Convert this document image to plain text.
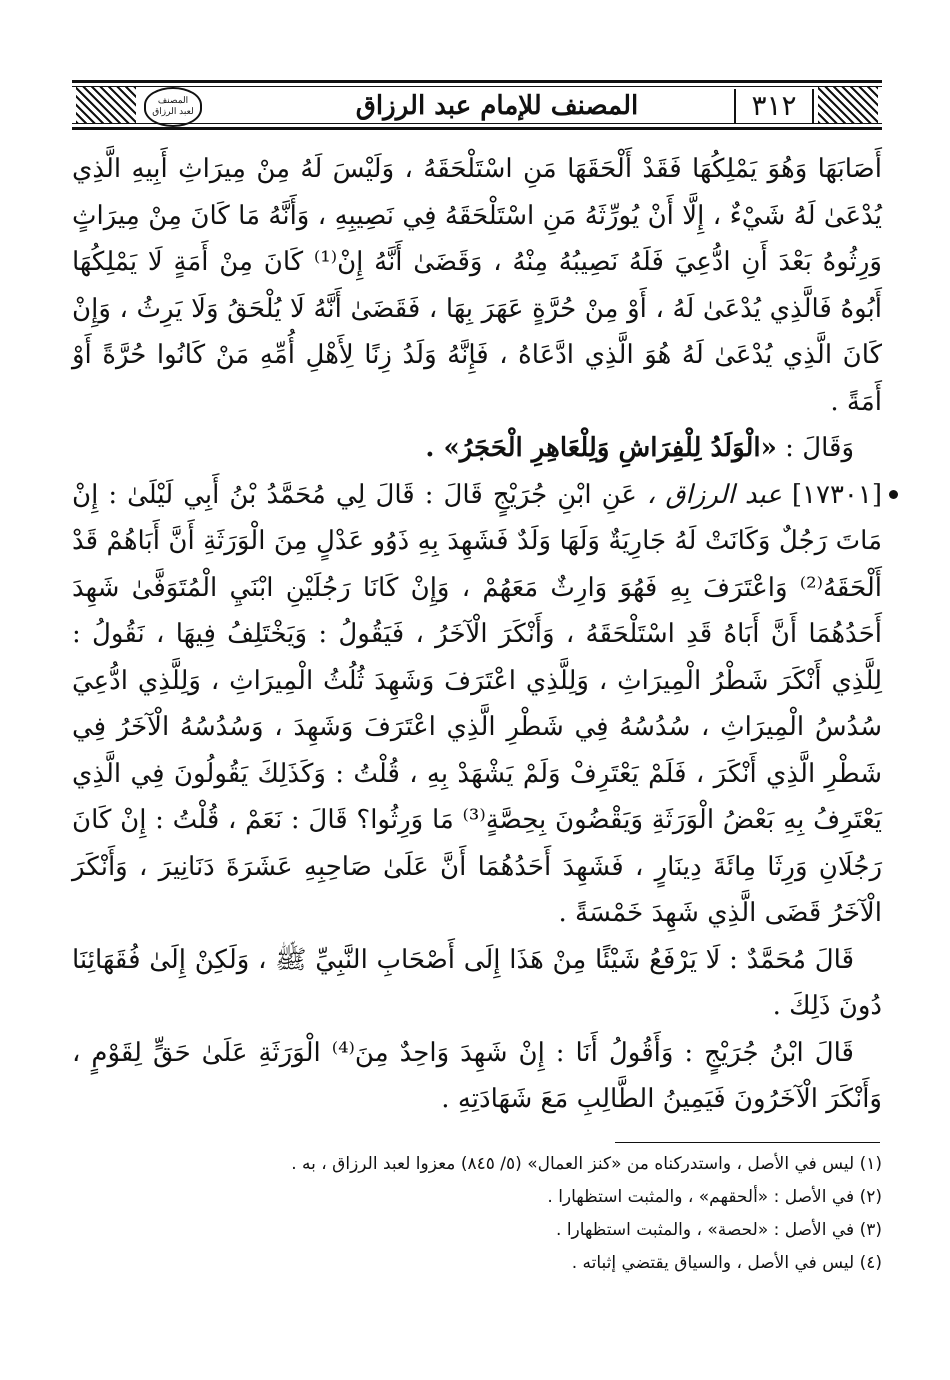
المصنف
لعبد الرزاق	المصنف للإمام عبد الرزاق	٣١٢

أَصَابَهَا وَهُوَ يَمْلِكُهَا فَقَدْ أَلْحَقَهَا مَنِ اسْتَلْحَقَهُ ، وَلَيْسَ لَهُ مِنْ مِيرَاثِ أَبِيهِ الَّذِي يُدْعَىٰ لَهُ شَيْءٌ ، إِلَّا أَنْ يُورِّثَهُ مَنِ اسْتَلْحَقَهُ فِي نَصِيبِهِ ، وَأَنَّهُ مَا كَانَ مِنْ مِيرَاثٍ وَرِثُوهُ بَعْدَ أَنِ ادُّعِيَ فَلَهُ نَصِيبُهُ مِنْهُ ، وَقَضَىٰ أَنَّهُ إِنْ⁽¹⁾ كَانَ مِنْ أَمَةٍ لَا يَمْلِكُهَا أَبُوهُ فَالَّذِي يُدْعَىٰ لَهُ ، أَوْ مِنْ حُرَّةٍ عَهَرَ بِهَا ، فَقَضَىٰ أَنَّهُ لَا يُلْحَقُ وَلَا يَرِثُ ، وَإِنْ كَانَ الَّذِي يُدْعَىٰ لَهُ هُوَ الَّذِي ادَّعَاهُ ، فَإِنَّهُ وَلَدُ زِنًا لِأَهْلِ أُمِّهِ مَنْ كَانُوا حُرَّةً أَوْ أَمَةً .

وَقَالَ : «الْوَلَدُ لِلْفِرَاشِ وَلِلْعَاهِرِ الْحَجَرُ» .

[١٧٣٠١] عبد الرزاق ، عَنِ ابْنِ جُرَيْجٍ قَالَ : قَالَ لِي مُحَمَّدُ بْنُ أَبِي لَيْلَىٰ : إِنْ مَاتَ رَجُلٌ وَكَانَتْ لَهُ جَارِيَةٌ وَلَهَا وَلَدٌ فَشَهِدَ بِهِ ذَوُو عَدْلٍ مِنَ الْوَرَثَةِ أَنَّ أَبَاهُمْ قَدْ أَلْحَقَهُ⁽²⁾ وَاعْتَرَفَ بِهِ فَهُوَ وَارِثٌ مَعَهُمْ ، وَإِنْ كَانَا رَجُلَيْنِ ابْنَيِ الْمُتَوَفَّىٰ شَهِدَ أَحَدُهُمَا أَنَّ أَبَاهُ قَدِ اسْتَلْحَقَهُ ، وَأَنْكَرَ الْآخَرُ ، فَيَقُولُ : وَيَخْتَلِفُ فِيهَا ، نَقُولُ : لِلَّذِي أَنْكَرَ شَطْرُ الْمِيرَاثِ ، وَلِلَّذِي اعْتَرَفَ وَشَهِدَ ثُلُثُ الْمِيرَاثِ ، وَلِلَّذِي ادُّعِيَ سُدُسُ الْمِيرَاثِ ، سُدُسُهُ فِي شَطْرِ الَّذِي اعْتَرَفَ وَشَهِدَ ، وَسُدُسُهُ الْآخَرُ فِي شَطْرِ الَّذِي أَنْكَرَ ، فَلَمْ يَعْتَرِفْ وَلَمْ يَشْهَدْ بِهِ ، قُلْتُ : وَكَذَلِكَ يَقُولُونَ فِي الَّذِي يَعْتَرِفُ بِهِ بَعْضُ الْوَرَثَةِ وَيَقْضُونَ بِحِصَّةٍ⁽³⁾ مَا وَرِثُوا؟ قَالَ : نَعَمْ ، قُلْتُ : إِنْ كَانَ رَجُلَانِ وَرِثَا مِائَةَ دِينَارٍ ، فَشَهِدَ أَحَدُهُمَا أَنَّ عَلَىٰ صَاحِبِهِ عَشَرَةَ دَنَانِيرَ ، وَأَنْكَرَ الْآخَرُ قَضَى الَّذِي شَهِدَ خَمْسَةً .

قَالَ مُحَمَّدٌ : لَا يَرْفَعُ شَيْئًا مِنْ هَذَا إِلَى أَصْحَابِ النَّبِيِّ ﷺ ، وَلَكِنْ إِلَىٰ فُقَهَائِنَا دُونَ ذَلِكَ .

قَالَ ابْنُ جُرَيْجٍ : وَأَقُولُ أَنَا : إِنْ شَهِدَ وَاحِدٌ مِنَ⁽⁴⁾ الْوَرَثَةِ عَلَىٰ حَقٍّ لِقَوْمٍ ، وَأَنْكَرَ الْآخَرُونَ فَيَمِينُ الطَّالِبِ مَعَ شَهَادَتِهِ .

(١) ليس في الأصل ، واستدركناه من «كنز العمال» (٥/ ٨٤٥) معزوا لعبد الرزاق ، به .

(٢) في الأصل : «ألحقهم» ، والمثبت استظهارا .

(٣) في الأصل : «لحصة» ، والمثبت استظهارا .

(٤) ليس في الأصل ، والسياق يقتضي إثباته .
